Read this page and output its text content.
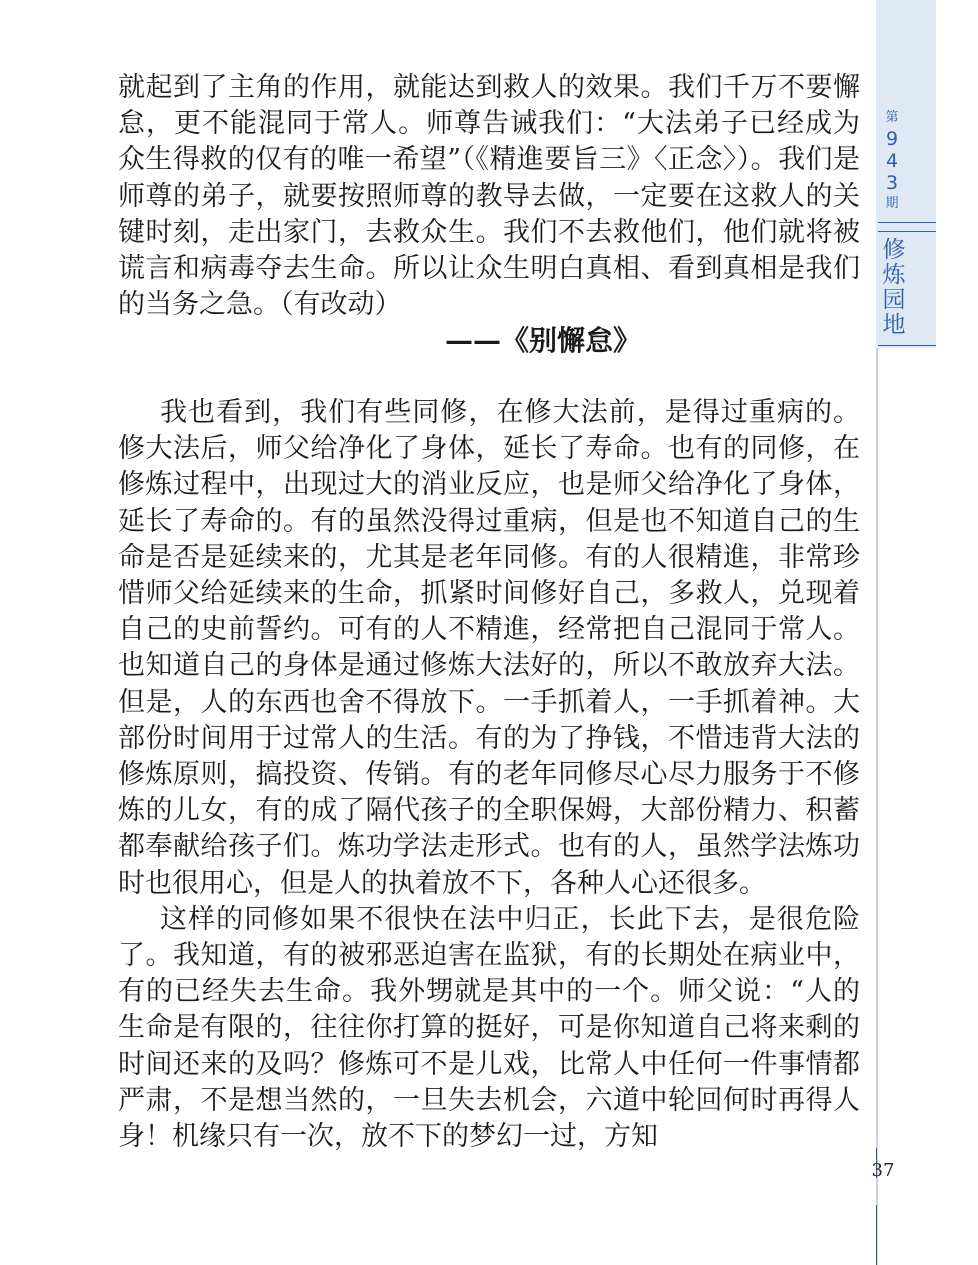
第
9
4
3
期
修
炼
园
地

就起到了主角的作用，就能达到救人的效果。我们千万不要懈怠，更不能混同于常人。师尊告诫我们：“大法弟子已经成为众生得救的仅有的唯一希望”（《精進要旨三》〈正念〉）。我们是师尊的弟子，就要按照师尊的教导去做，一定要在这救人的关键时刻，走出家门，去救众生。我们不去救他们，他们就将被谎言和病毒夺去生命。所以让众生明白真相、看到真相是我们的当务之急。（有改动）

——《别懈怠》

我也看到，我们有些同修，在修大法前，是得过重病的。修大法后，师父给净化了身体，延长了寿命。也有的同修，在修炼过程中，出现过大的消业反应，也是师父给净化了身体，延长了寿命的。有的虽然没得过重病，但是也不知道自己的生命是否是延续来的，尤其是老年同修。有的人很精進，非常珍惜师父给延续来的生命，抓紧时间修好自己，多救人，兑现着自己的史前誓约。可有的人不精進，经常把自己混同于常人。也知道自己的身体是通过修炼大法好的，所以不敢放弃大法。但是，人的东西也舍不得放下。一手抓着人，一手抓着神。大部份时间用于过常人的生活。有的为了挣钱，不惜违背大法的修炼原则，搞投资、传销。有的老年同修尽心尽力服务于不修炼的儿女，有的成了隔代孩子的全职保姆，大部份精力、积蓄都奉献给孩子们。炼功学法走形式。也有的人，虽然学法炼功时也很用心，但是人的执着放不下，各种人心还很多。

这样的同修如果不很快在法中归正，长此下去，是很危险了。我知道，有的被邪恶迫害在监狱，有的长期处在病业中，有的已经失去生命。我外甥就是其中的一个。师父说：“人的生命是有限的，往往你打算的挺好，可是你知道自己将来剩的时间还来的及吗？修炼可不是儿戏，比常人中任何一件事情都严肃，不是想当然的，一旦失去机会，六道中轮回何时再得人身！机缘只有一次，放不下的梦幻一过，方知

37
